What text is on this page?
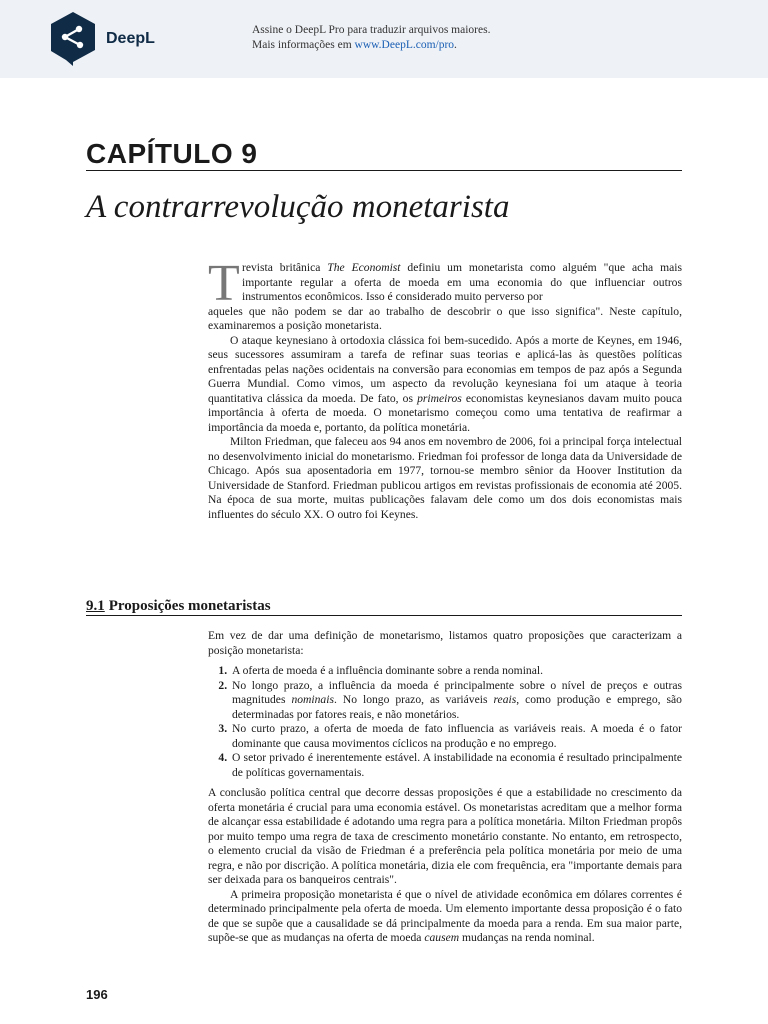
DeepL	Assine o DeepL Pro para traduzir arquivos maiores.
Mais informações em www.DeepL.com/pro.
CAPÍTULO 9
A contrarrevolução monetarista
T revista britânica The Economist definiu um monetarista como alguém "que acha mais importante regular a oferta de moeda em uma economia do que influenciar outros instrumentos econômicos. Isso é considerado muito perverso por

aqueles que não podem se dar ao trabalho de descobrir o que isso significa". Neste capítulo, examinaremos a posição monetarista.

O ataque keynesiano à ortodoxia clássica foi bem-sucedido. Após a morte de Keynes, em 1946, seus sucessores assumiram a tarefa de refinar suas teorias e aplicá-las às questões políticas enfrentadas pelas nações ocidentais na conversão para economias em tempos de paz após a Segunda Guerra Mundial. Como vimos, um aspecto da revolução keynesiana foi um ataque à teoria quantitativa clássica da moeda. De fato, os primeiros economistas keynesianos davam muito pouca importância à oferta de moeda. O monetarismo começou como uma tentativa de reafirmar a importância da moeda e, portanto, da política monetária.

Milton Friedman, que faleceu aos 94 anos em novembro de 2006, foi a principal força intelectual no desenvolvimento inicial do monetarismo. Friedman foi professor de longa data da Universidade de Chicago. Após sua aposentadoria em 1977, tornou-se membro sênior da Hoover Institution da Universidade de Stanford. Friedman publicou artigos em revistas profissionais de economia até 2005. Na época de sua morte, muitas publicações falavam dele como um dos dois economistas mais influentes do século XX. O outro foi Keynes.

9.1 Proposições monetaristas

Em vez de dar uma definição de monetarismo, listamos quatro proposições que caracterizam a posição monetarista:

1. A oferta de moeda é a influência dominante sobre a renda nominal.
2. No longo prazo, a influência da moeda é principalmente sobre o nível de preços e outras magnitudes nominais. No longo prazo, as variáveis reais, como produção e emprego, são determinadas por fatores reais, e não monetários.
3. No curto prazo, a oferta de moeda de fato influencia as variáveis reais. A moeda é o fator dominante que causa movimentos cíclicos na produção e no emprego.
4. O setor privado é inerentemente estável. A instabilidade na economia é resultado principalmente de políticas governamentais.

A conclusão política central que decorre dessas proposições é que a estabilidade no crescimento da oferta monetária é crucial para uma economia estável. Os monetaristas acreditam que a melhor forma de alcançar essa estabilidade é adotando uma regra para a política monetária. Milton Friedman propôs por muito tempo uma regra de taxa de crescimento monetário constante. No entanto, em retrospecto, o elemento crucial da visão de Friedman é a preferência pela política monetária por meio de uma regra, e não por discrição. A política monetária, dizia ele com frequência, era "importante demais para ser deixada para os banqueiros centrais".

A primeira proposição monetarista é que o nível de atividade econômica em dólares correntes é determinado principalmente pela oferta de moeda. Um elemento importante dessa proposição é o fato de que se supõe que a causalidade se dá principalmente da moeda para a renda. Em sua maior parte, supõe-se que as mudanças na oferta de moeda causem mudanças na renda nominal.

196
